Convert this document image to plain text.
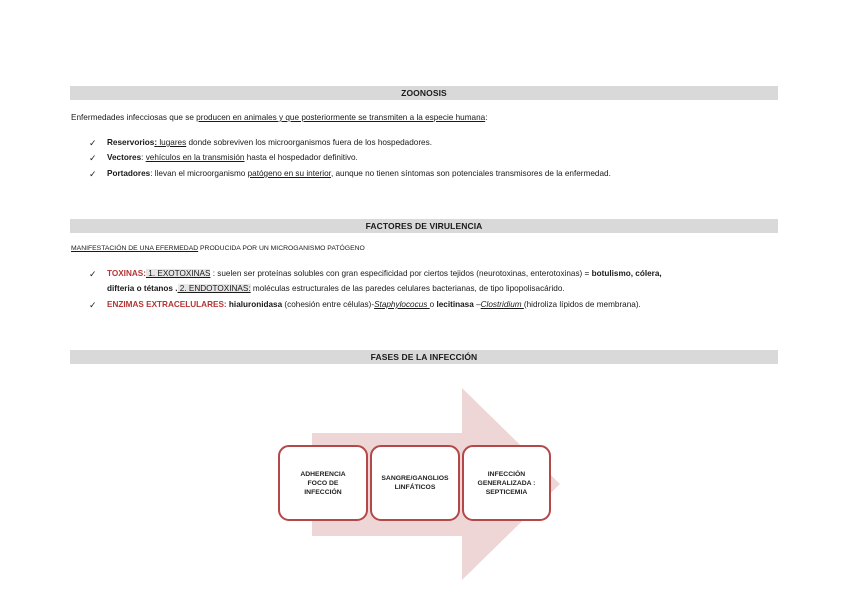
ZOONOSIS
Enfermedades infecciosas que se producen en animales y que posteriormente se transmiten a la especie humana:
✓ Reservorios: lugares donde sobreviven los microorganismos fuera de los hospedadores.
✓ Vectores: vehículos en la transmisión hasta el hospedador definitivo.
✓ Portadores: llevan el microorganismo patógeno en su interior, aunque no tienen síntomas son potenciales transmisores de la enfermedad.
FACTORES DE VIRULENCIA
MANIFESTACIÓN DE UNA EFERMEDAD PRODUCIDA POR UN MICROGANISMO PATÓGENO
✓ TOXINAS: 1. EXOTOXINAS : suelen ser proteínas solubles con gran especificidad por ciertos tejidos (neurotoxinas, enterotoxinas) = botulismo, cólera,
difteria o tétanos . 2. ENDOTOXINAS: moléculas estructurales de las paredes celulares bacterianas, de tipo lipopolisacárido.
✓ ENZIMAS EXTRACELULARES: hialuronidasa (cohesión entre células)-Staphylococus o lecitinasa –Clostridium (hidroliza lípidos de membrana).
FASES DE LA INFECCIÓN
ADHERENCIA
FOCO DE
INFECCIÓN
SANGRE/GANGLIOS
LINFÁTICOS
INFECCIÓN
GENERALIZADA :
SEPTICEMIA
